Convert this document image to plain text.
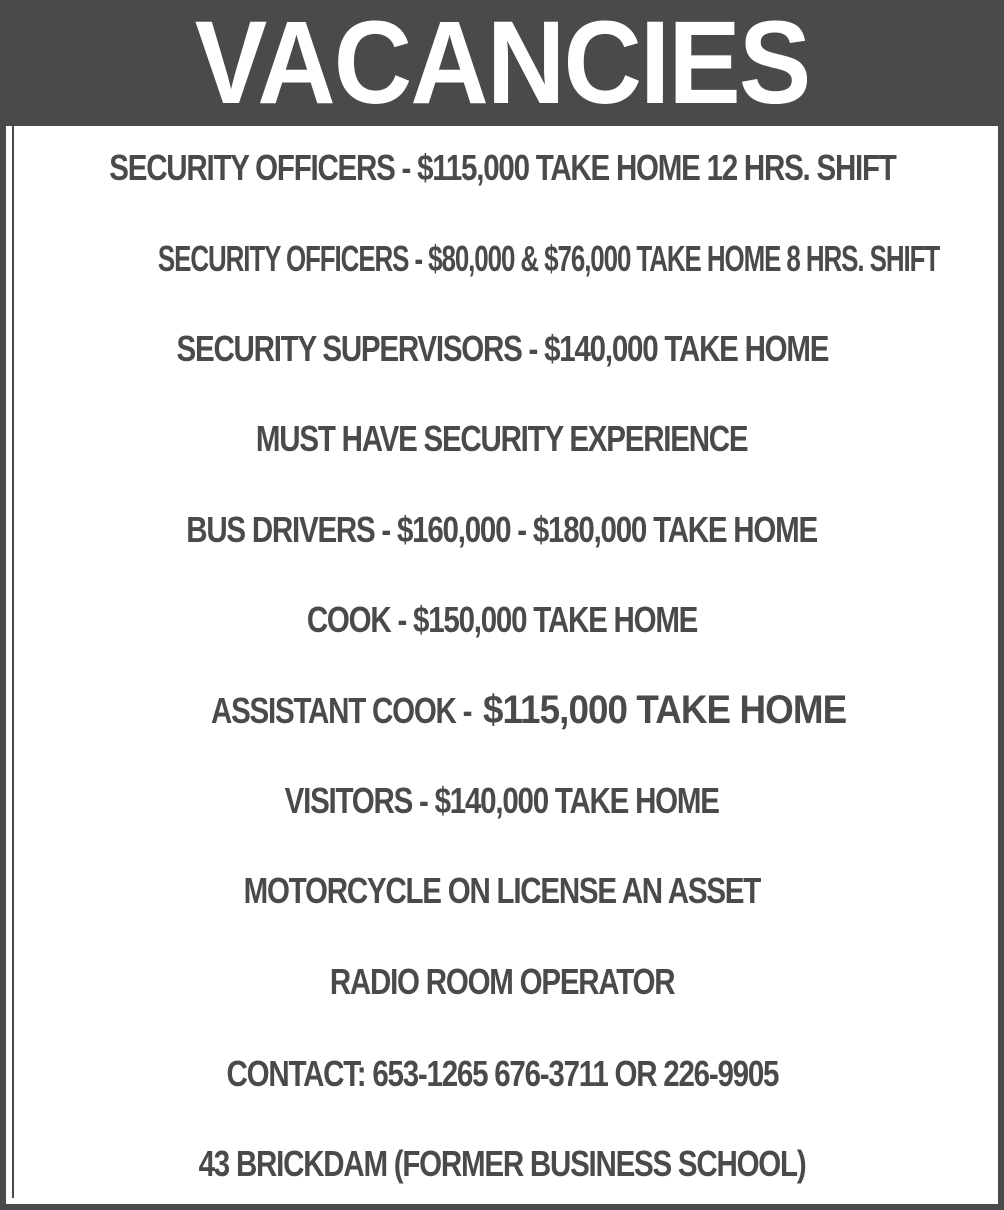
VACANCIES
SECURITY OFFICERS - $115,000 TAKE HOME 12 HRS. SHIFT
SECURITY OFFICERS - $80,000 & $76,000 TAKE HOME 8 HRS. SHIFT
SECURITY SUPERVISORS - $140,000 TAKE HOME
MUST HAVE SECURITY EXPERIENCE
BUS DRIVERS - $160,000 - $180,000 TAKE HOME
COOK - $150,000 TAKE HOME
ASSISTANT COOK - $115,000 TAKE HOME
VISITORS - $140,000 TAKE HOME
MOTORCYCLE ON LICENSE AN ASSET
RADIO ROOM OPERATOR
CONTACT: 653-1265 676-3711 OR 226-9905
43 BRICKDAM (FORMER BUSINESS SCHOOL)
